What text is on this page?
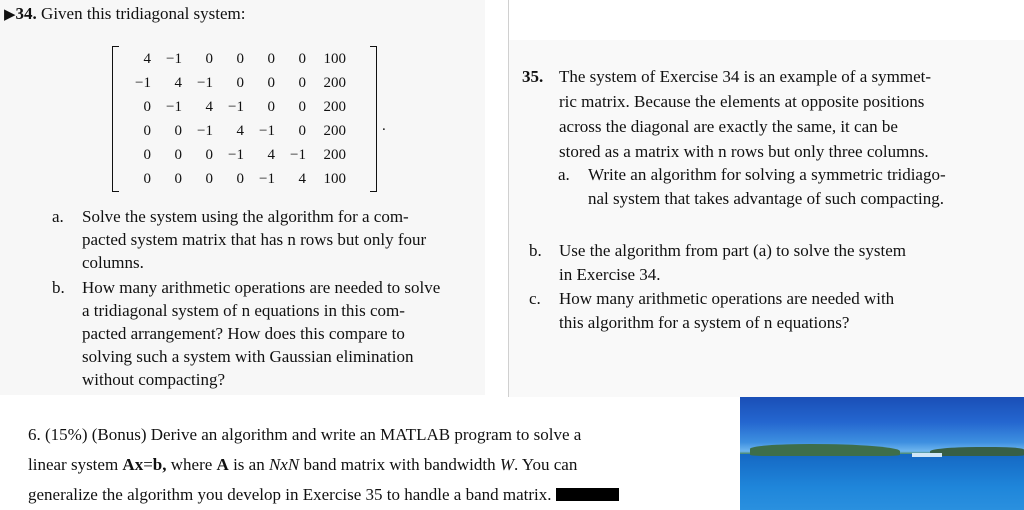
▶34. Given this tridiagonal system:
4	−1	0	0	0	0	100
−1	4	−1	0	0	0	200
0	−1	4	−1	0	0	200
0	0	−1	4	−1	0	200
0	0	0	−1	4	−1	200
0	0	0	0	−1	4	100
.
a. Solve the system using the algorithm for a com-
pacted system matrix that has n rows but only four
columns.
b. How many arithmetic operations are needed to solve
a tridiagonal system of n equations in this com-
pacted arrangement? How does this compare to
solving such a system with Gaussian elimination
without compacting?
35. The system of Exercise 34 is an example of a symmet-
ric matrix. Because the elements at opposite positions
across the diagonal are exactly the same, it can be
stored as a matrix with n rows but only three columns.
a. Write an algorithm for solving a symmetric tridiago-
nal system that takes advantage of such compacting.
b. Use the algorithm from part (a) to solve the system
in Exercise 34.
c. How many arithmetic operations are needed with
this algorithm for a system of n equations?
6. (15%) (Bonus) Derive an algorithm and write an MATLAB program to solve a
linear system Ax=b, where A is an NxN band matrix with bandwidth W. You can
generalize the algorithm you develop in Exercise 35 to handle a band matrix.
